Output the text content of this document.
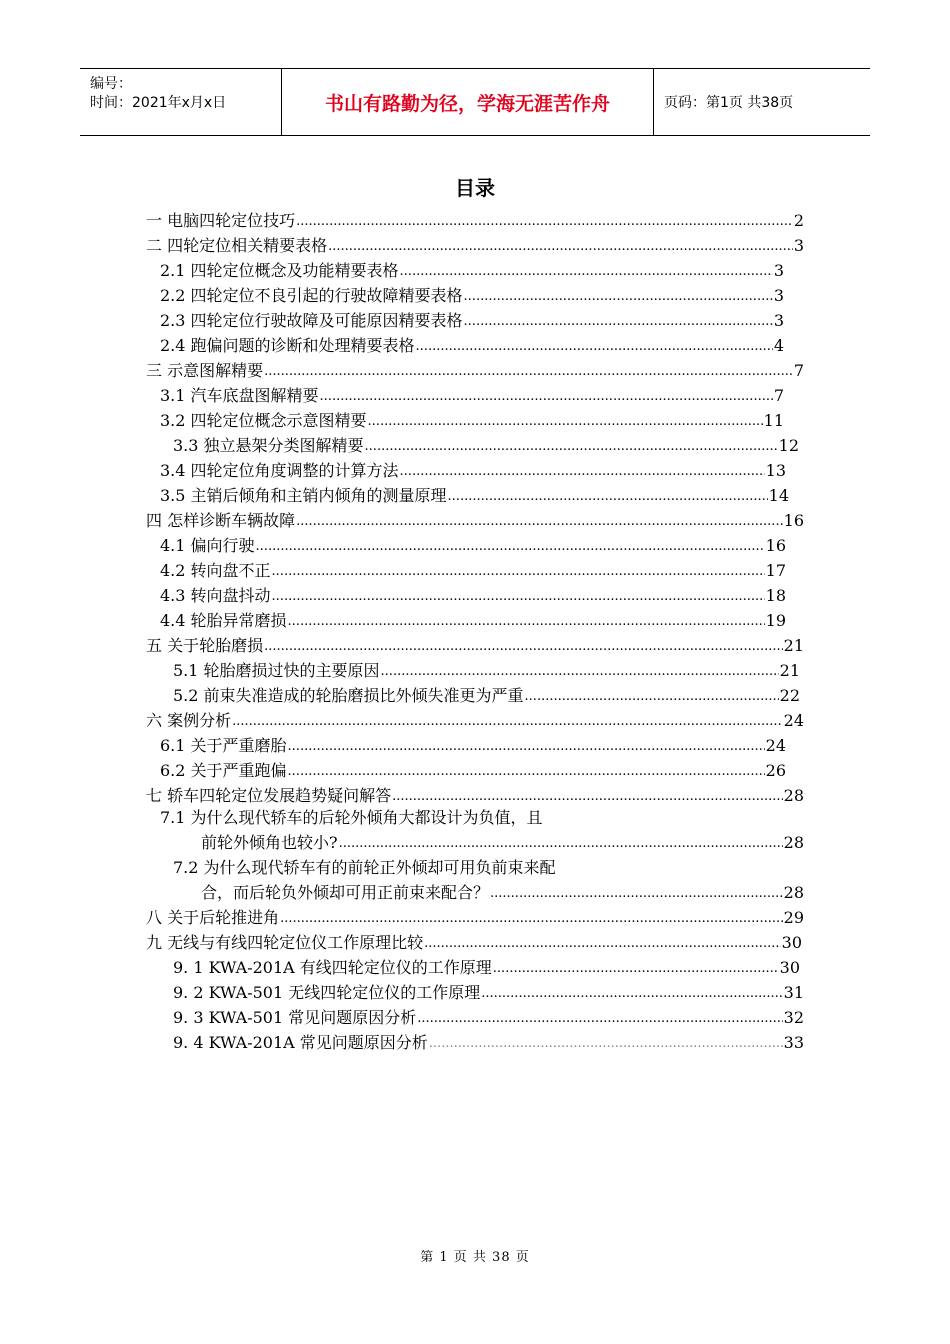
编号：
时间：2021年x月x日	书山有路勤为径，学海无涯苦作舟	页码：第1页 共38页
目录
一 电脑四轮定位技巧 .....	2
二 四轮定位相关精要表格 .....	3
2.1 四轮定位概念及功能精要表格 .....	3
2.2 四轮定位不良引起的行驶故障精要表格 .....	3
2.3 四轮定位行驶故障及可能原因精要表格 .....	3
2.4 跑偏问题的诊断和处理精要表格 .....	4
三 示意图解精要 .....	7
3.1 汽车底盘图解精要 .....	7
3.2 四轮定位概念示意图精要 .....	11
3.3 独立悬架分类图解精要 .....	12
3.4 四轮定位角度调整的计算方法 .....	13
3.5 主销后倾角和主销内倾角的测量原理 .....	14
四 怎样诊断车辆故障 .....	16
4.1 偏向行驶 .....	16
4.2 转向盘不正 .....	17
4.3 转向盘抖动 .....	18
4.4 轮胎异常磨损 .....	19
五 关于轮胎磨损 .....	21
5.1 轮胎磨损过快的主要原因 .....	21
5.2 前束失准造成的轮胎磨损比外倾失准更为严重 .....	22
六 案例分析 .....	24
6.1 关于严重磨胎 .....	24
6.2 关于严重跑偏 .....	26
七 轿车四轮定位发展趋势疑问解答 .....	28
7.1 为什么现代轿车的后轮外倾角大都设计为负值，且
前轮外倾角也较小? .....	28
7.2 为什么现代轿车有的前轮正外倾却可用负前束来配
合，而后轮负外倾却可用正前束来配合？ .....	28
八 关于后轮推进角 .....	29
九 无线与有线四轮定位仪工作原理比较 .....	30
9. 1 KWA-201A 有线四轮定位仪的工作原理 .....	30
9. 2 KWA-501 无线四轮定位仪的工作原理 .....	31
9. 3 KWA-501 常见问题原因分析 .....	32
9. 4 KWA-201A 常见问题原因分析 .....	33
第 1 页 共 38 页
